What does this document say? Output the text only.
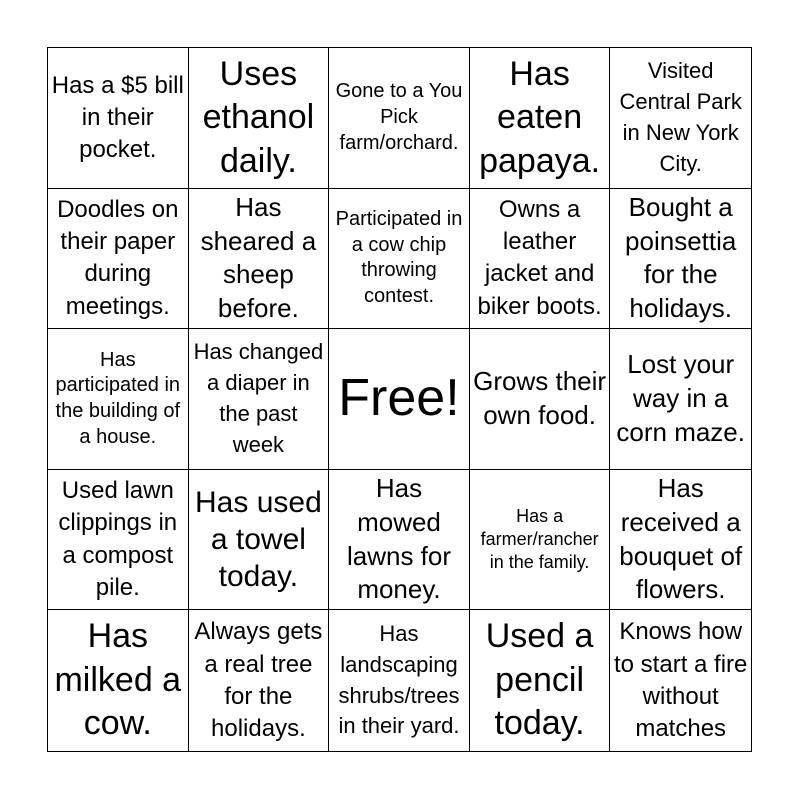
Has a $5 bill in their pocket.
Uses ethanol daily.
Gone to a You Pick farm/orchard.
Has eaten papaya.
Visited Central Park in New York City.
Doodles on their paper during meetings.
Has sheared a sheep before.
Participated in a cow chip throwing contest.
Owns a leather jacket and biker boots.
Bought a poinsettia for the holidays.
Has participated in the building of a house.
Has changed a diaper in the past week
Free! Grows their own food.
Lost your way in a corn maze.
Used lawn clippings in a compost pile.
Has used a towel today.
Has mowed lawns for money.
Has a farmer/rancher in the family.
Has received a bouquet of flowers.
Has milked a cow.
Always gets a real tree for the holidays.
Has landscaping shrubs/trees in their yard.
Used a pencil today.
Knows how to start a fire without matches
